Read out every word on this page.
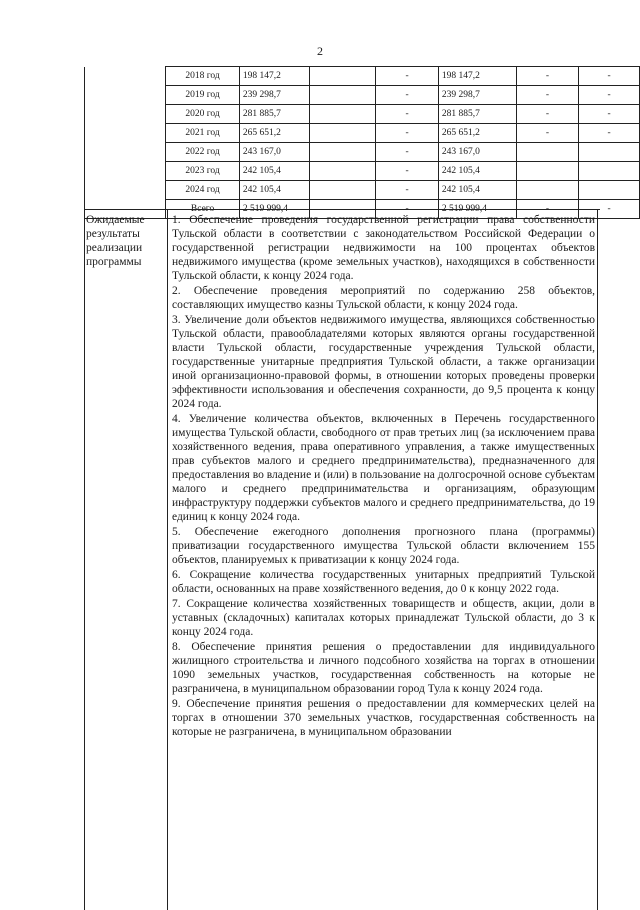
2
	2018 год	198 147,2		-	198 147,2	-	-
	2019 год	239 298,7		-	239 298,7	-	-
	2020 год	281 885,7		-	281 885,7	-	-
	2021 год	265 651,2		-	265 651,2	-	-
	2022 год	243 167,0		-	243 167,0		
	2023 год	242 105,4		-	242 105,4		
	2024 год	242 105,4		-	242 105,4		
	Всего	2 519 999,4		-	2 519 999,4	-	-
Ожидаемые результаты реализации программы
1. Обеспечение проведения государственной регистрации права собственности Тульской области в соответствии с законодательством Российской Федерации о государственной регистрации недвижимости на 100 процентах объектов недвижимого имущества (кроме земельных участков), находящихся в собственности Тульской области, к концу 2024 года.
2. Обеспечение проведения мероприятий по содержанию 258 объектов, составляющих имущество казны Тульской области, к концу 2024 года.
3. Увеличение доли объектов недвижимого имущества, являющихся собственностью Тульской области, правообладателями которых являются органы государственной власти Тульской области, государственные учреждения Тульской области, государственные унитарные предприятия Тульской области, а также организации иной организационно-правовой формы, в отношении которых проведены проверки эффективности использования и обеспечения сохранности, до 9,5 процента к концу 2024 года.
4. Увеличение количества объектов, включенных в Перечень государственного имущества Тульской области, свободного от прав третьих лиц (за исключением права хозяйственного ведения, права оперативного управления, а также имущественных прав субъектов малого и среднего предпринимательства), предназначенного для предоставления во владение и (или) в пользование на долгосрочной основе субъектам малого и среднего предпринимательства и организациям, образующим инфраструктуру поддержки субъектов малого и среднего предпринимательства, до 19 единиц к концу 2024 года.
5. Обеспечение ежегодного дополнения прогнозного плана (программы) приватизации государственного имущества Тульской области включением 155 объектов, планируемых к приватизации к концу 2024 года.
6. Сокращение количества государственных унитарных предприятий Тульской области, основанных на праве хозяйственного ведения, до 0 к концу 2022 года.
7. Сокращение количества хозяйственных товариществ и обществ, акции, доли в уставных (складочных) капиталах которых принадлежат Тульской области, до 3 к концу 2024 года.
8. Обеспечение принятия решения о предоставлении для индивидуального жилищного строительства и личного подсобного хозяйства на торгах в отношении 1090 земельных участков, государственная собственность на которые не разграничена, в муниципальном образовании город Тула к концу 2024 года.
9. Обеспечение принятия решения о предоставлении для коммерческих целей на торгах в отношении 370 земельных участков, государственная собственность на которые не разграничена, в муниципальном образовании
